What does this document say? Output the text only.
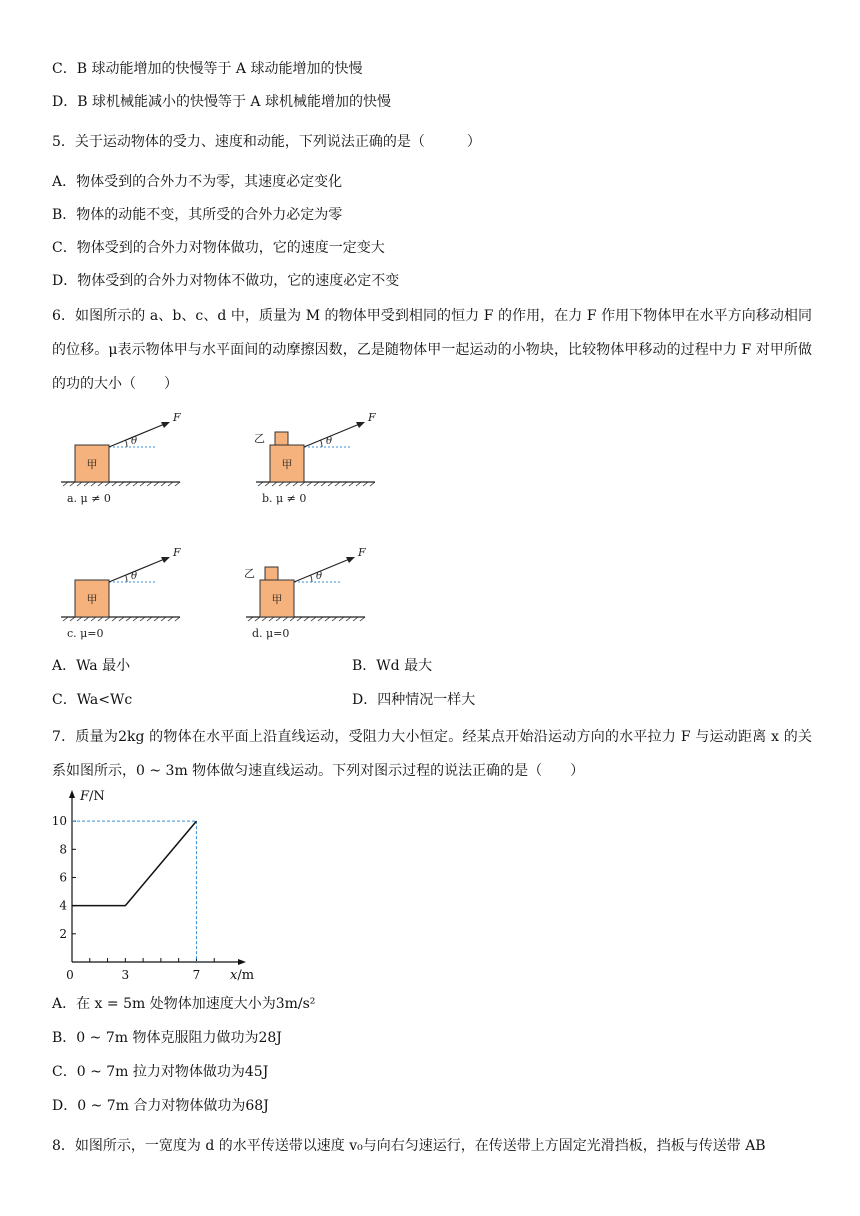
C．B 球动能增加的快慢等于 A 球动能增加的快慢
D．B 球机械能减小的快慢等于 A 球机械能增加的快慢
5．关于运动物体的受力、速度和动能，下列说法正确的是（　　　）
A．物体受到的合外力不为零，其速度必定变化
B．物体的动能不变，其所受的合外力必定为零
C．物体受到的合外力对物体做功，它的速度一定变大
D．物体受到的合外力对物体不做功，它的速度必定不变
6．如图所示的 a、b、c、d 中，质量为 M 的物体甲受到相同的恒力 F 的作用，在力 F 作用下物体甲在水平方向移动相同的位移。μ表示物体甲与水平面间的动摩擦因数，乙是随物体甲一起运动的小物块，比较物体甲移动的过程中力 F 对甲所做的功的大小（　　）
甲
F
θ
a. μ ≠ 0
甲
乙
F
θ
b. μ ≠ 0
甲
F
θ
c. μ=0
甲
乙
F
θ
d. μ=0
A．Wa 最小	B．Wd 最大
C．Wa<Wc	D．四种情况一样大
7．质量为2kg 的物体在水平面上沿直线运动，受阻力大小恒定。经某点开始沿运动方向的水平拉力 F 与运动距离 x 的关系如图所示，0 ~ 3m 物体做匀速直线运动。下列对图示过程的说法正确的是（　　）
F/N
x/m
2
4
6
8
10
0	3	7
A．在 x = 5m 处物体加速度大小为3m/s²
B．0 ~ 7m 物体克服阻力做功为28J
C．0 ~ 7m 拉力对物体做功为45J
D．0 ~ 7m 合力对物体做功为68J
8．如图所示，一宽度为 d 的水平传送带以速度 v₀与向右匀速运行，在传送带上方固定光滑挡板，挡板与传送带 AB
